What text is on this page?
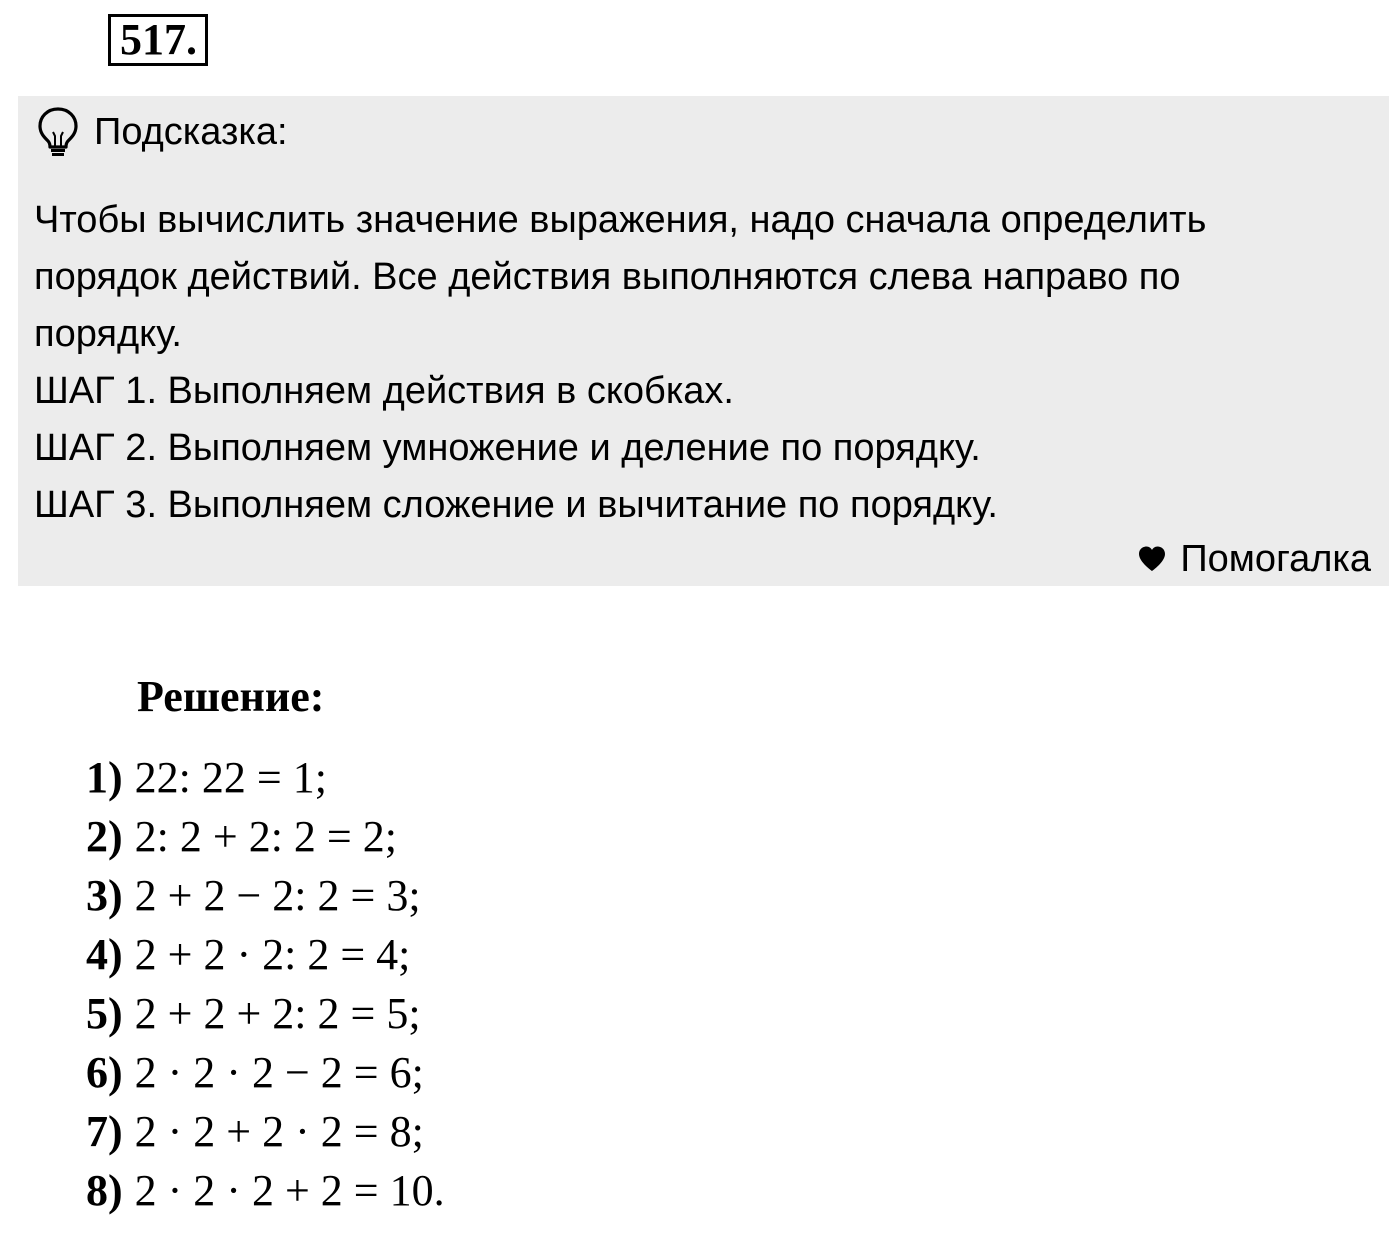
517.
Подсказка:
Чтобы вычислить значение выражения, надо сначала определить
порядок действий. Все действия выполняются слева направо по
порядку.
ШАГ 1. Выполняем действия в скобках.
ШАГ 2. Выполняем умножение и деление по порядку.
ШАГ 3. Выполняем сложение и вычитание по порядку.
Помогалка
Решение:
1) 22: 22 = 1;
2) 2: 2 + 2: 2 = 2;
3) 2 + 2 − 2: 2 = 3;
4) 2 + 2 · 2: 2 = 4;
5) 2 + 2 + 2: 2 = 5;
6) 2 · 2 · 2 − 2 = 6;
7) 2 · 2 + 2 · 2 = 8;
8) 2 · 2 · 2 + 2 = 10.
